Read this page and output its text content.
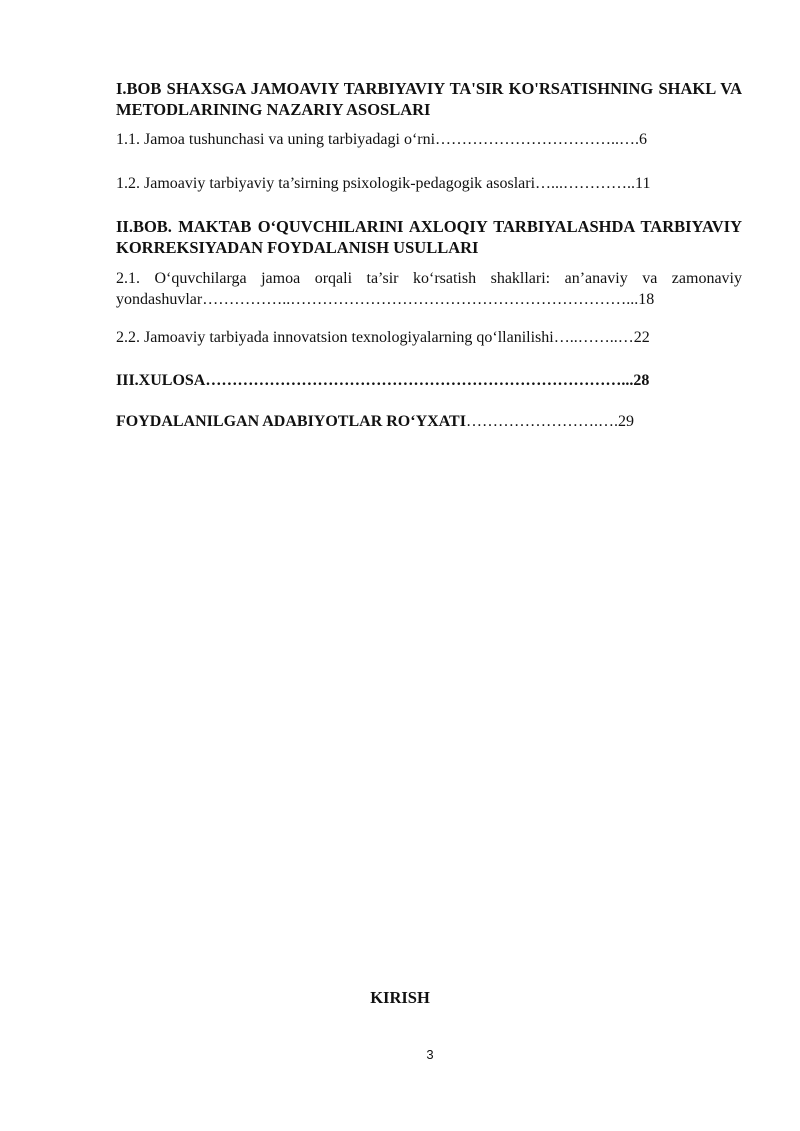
I.BOB SHAXSGA JAMOAVIY TARBIYAVIY TA'SIR KO'RSATISHNING SHAKL VA METODLARINING NAZARIY ASOSLARI

1.1. Jamoa tushunchasi va uning tarbiyadagi o‘rni……………………………..….6

1.2. Jamoaviy tarbiyaviy ta’sirning psixologik-pedagogik asoslari…...…………..11

II.BOB. MAKTAB O‘QUVCHILARINI AXLOQIY TARBIYALASHDA TARBIYAVIY KORREKSIYADAN FOYDALANISH USULLARI

2.1. O‘quvchilarga jamoa orqali ta’sir ko‘rsatish shakllari: an’anaviy va zamonaviy yondashuvlar……………..………………………………………………………...18

2.2. Jamoaviy tarbiyada innovatsion texnologiyalarning qo‘llanilishi…..……..…22

III.XULOSA……………………………………………………………………...28

FOYDALANILGAN ADABIYOTLAR RO‘YXATI…………………….….29

KIRISH
3
